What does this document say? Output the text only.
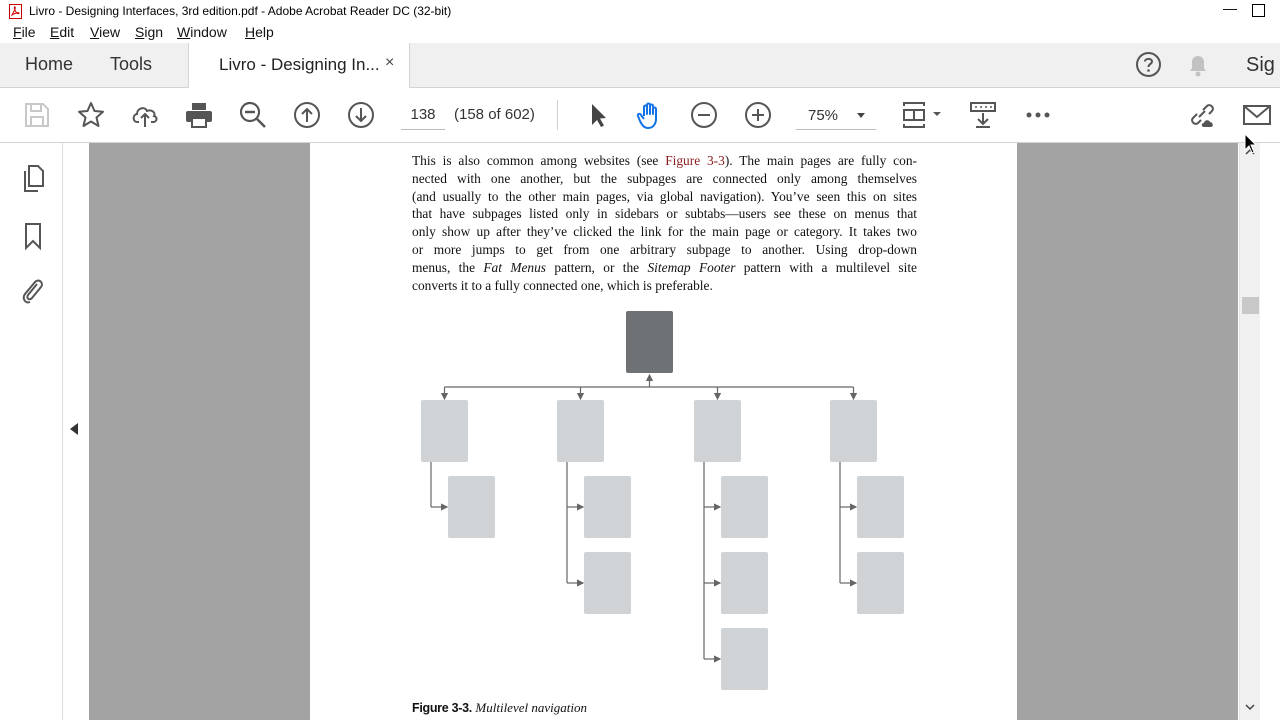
Livro - Designing Interfaces, 3rd edition.pdf - Adobe Acrobat Reader DC (32-bit)	—
File Edit View Sign Window Help
Home Tools	Sig
Livro - Designing In... ×
138	(158 of 602)	75%
This is also common among websites (see Figure 3-3). The main pages are fully con-
nected with one another, but the subpages are connected only among themselves
(and usually to the other main pages, via global navigation). You’ve seen this on sites
that have subpages listed only in sidebars or subtabs—users see these on menus that
only show up after they’ve clicked the link for the main page or category. It takes two
or more jumps to get from one arbitrary subpage to another. Using drop-down
menus, the Fat Menus pattern, or the Sitemap Footer pattern with a multilevel site
converts it to a fully connected one, which is preferable.
Figure 3-3. Multilevel navigation
